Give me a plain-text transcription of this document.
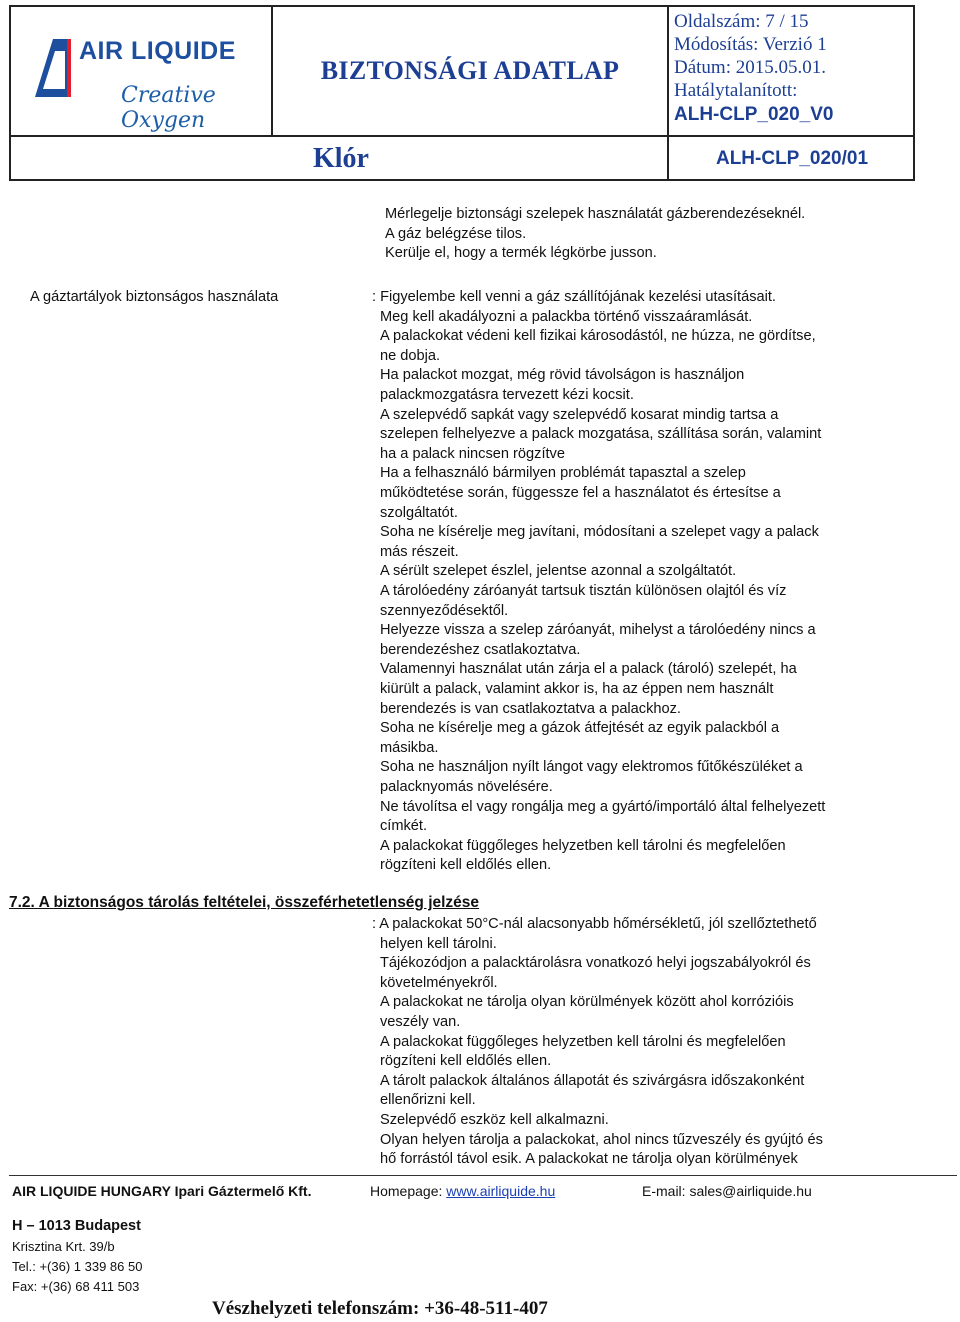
AIR LIQUIDE
Creative Oxygen
BIZTONSÁGI ADATLAP
Oldalszám: 7 / 15
Módosítás: Verzió 1
Dátum: 2015.05.01.
Hatálytalanított:
ALH-CLP_020_V0
Klór	ALH-CLP_020/01
Mérlegelje biztonsági szelepek használatát gázberendezéseknél.
A gáz belégzése tilos.
Kerülje el, hogy a termék légkörbe jusson.
A gáztartályok biztonságos használata	: Figyelembe kell venni a gáz szállítójának kezelési utasításait.
Meg kell akadályozni a palackba történő visszaáramlását.
A palackokat védeni kell fizikai károsodástól, ne húzza, ne gördítse,
ne dobja.
Ha palackot mozgat, még rövid távolságon is használjon
palackmozgatásra tervezett kézi kocsit.
A szelepvédő sapkát vagy szelepvédő kosarat mindig tartsa a
szelepen felhelyezve a palack mozgatása, szállítása során, valamint
ha a palack nincsen rögzítve
Ha a felhasználó bármilyen problémát tapasztal a szelep
működtetése során, függessze fel a használatot és értesítse a
szolgáltatót.
Soha ne kísérelje meg javítani, módosítani a szelepet vagy a palack
más részeit.
A sérült szelepet észlel, jelentse azonnal a szolgáltatót.
A tárolóedény záróanyát tartsuk tisztán különösen olajtól és víz
szennyeződésektől.
Helyezze vissza a szelep záróanyát, mihelyst a tárolóedény nincs a
berendezéshez csatlakoztatva.
Valamennyi használat után zárja el a palack (tároló) szelepét, ha
kiürült a palack, valamint akkor is, ha az éppen nem használt
berendezés is van csatlakoztatva a palackhoz.
Soha ne kísérelje meg a gázok átfejtését az egyik palackból a
másikba.
Soha ne használjon nyílt lángot vagy elektromos fűtőkészüléket a
palacknyomás növelésére.
Ne távolítsa el vagy rongálja meg a gyártó/importáló által felhelyezett
címkét.
A palackokat függőleges helyzetben kell tárolni és megfelelően
rögzíteni kell eldőlés ellen.
7.2. A biztonságos tárolás feltételei, összeférhetetlenség jelzése
: A palackokat 50°C-nál alacsonyabb hőmérsékletű, jól szellőztethető
helyen kell tárolni.
Tájékozódjon a palacktárolásra vonatkozó helyi jogszabályokról és
követelményekről.
A palackokat ne tárolja olyan körülmények között ahol korrózióis
veszély van.
A palackokat függőleges helyzetben kell tárolni és megfelelően
rögzíteni kell eldőlés ellen.
A tárolt palackok általános állapotát és szivárgásra időszakonként
ellenőrizni kell.
Szelepvédő eszköz kell alkalmazni.
Olyan helyen tárolja a palackokat, ahol nincs tűzveszély és gyújtó és
hő forrástól távol esik. A palackokat ne tárolja olyan körülmények
AIR LIQUIDE HUNGARY Ipari Gáztermelő Kft.	Homepage: www.airliquide.hu	E-mail: sales@airliquide.hu
H – 1013 Budapest
Krisztina Krt. 39/b
Tel.: +(36) 1 339 86 50
Fax: +(36) 68 411 503
Vészhelyzeti telefonszám: +36-48-511-407
